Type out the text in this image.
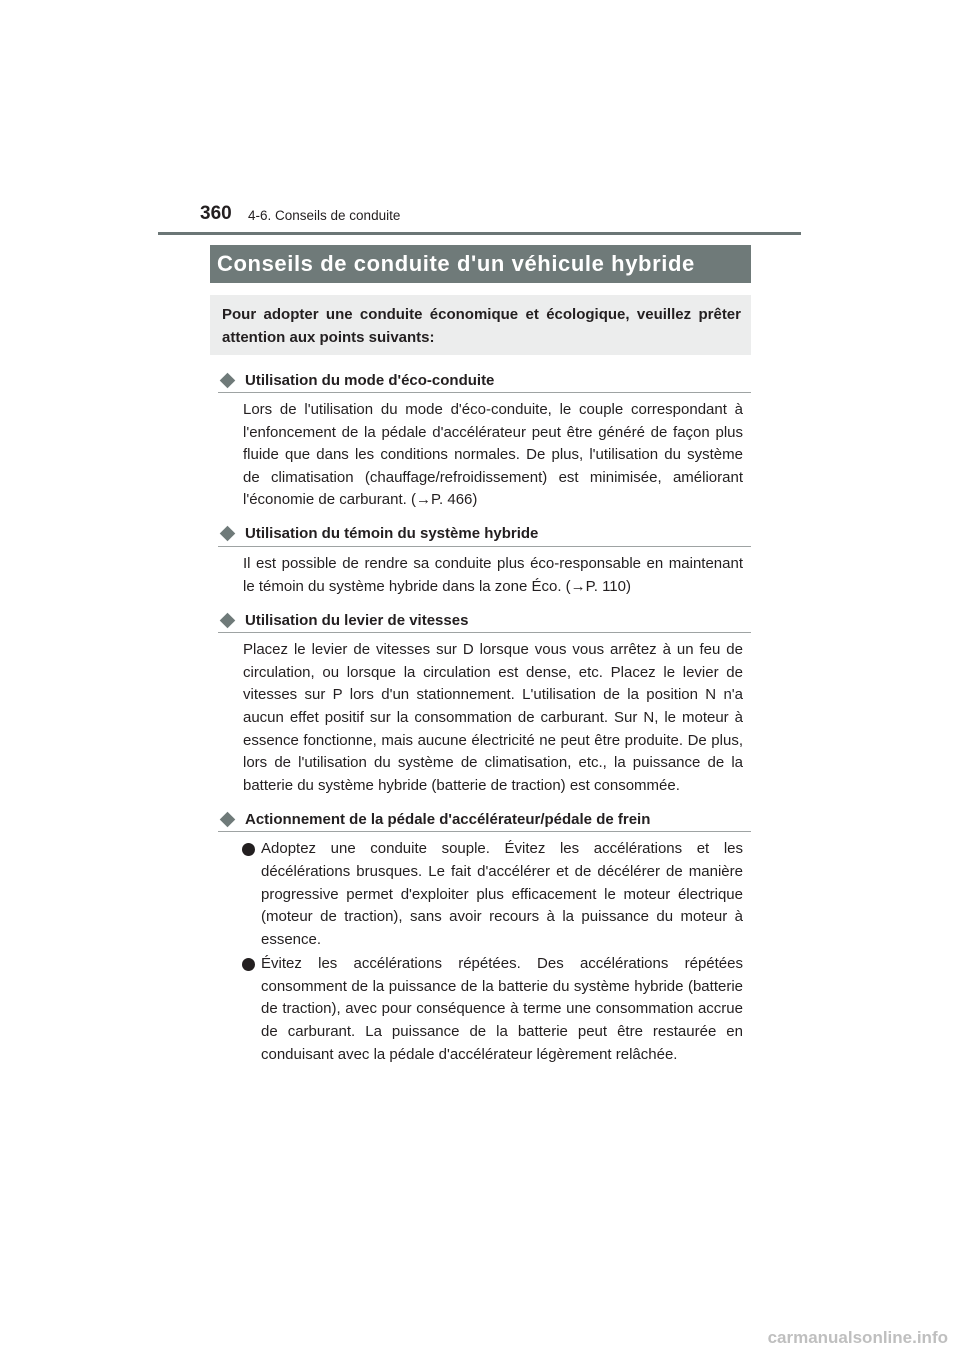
360 4-6. Conseils de conduite
Conseils de conduite d'un véhicule hybride
Pour adopter une conduite économique et écologique, veuillez prêter attention aux points suivants:
Utilisation du mode d'éco-conduite
Lors de l'utilisation du mode d'éco-conduite, le couple correspondant à l'enfoncement de la pédale d'accélérateur peut être généré de façon plus fluide que dans les conditions normales. De plus, l'utilisation du système de climatisation (chauffage/refroidissement) est minimisée, améliorant l'économie de carburant. (→P. 466)
Utilisation du témoin du système hybride
Il est possible de rendre sa conduite plus éco-responsable en maintenant le témoin du système hybride dans la zone Éco. (→P. 110)
Utilisation du levier de vitesses
Placez le levier de vitesses sur D lorsque vous vous arrêtez à un feu de circulation, ou lorsque la circulation est dense, etc. Placez le levier de vitesses sur P lors d'un stationnement. L'utilisation de la position N n'a aucun effet positif sur la consommation de carburant. Sur N, le moteur à essence fonctionne, mais aucune électricité ne peut être produite. De plus, lors de l'utilisation du système de climatisation, etc., la puissance de la batterie du système hybride (batterie de traction) est consommée.
Actionnement de la pédale d'accélérateur/pédale de frein
Adoptez une conduite souple. Évitez les accélérations et les décélérations brusques. Le fait d'accélérer et de décélérer de manière progressive permet d'exploiter plus efficacement le moteur électrique (moteur de traction), sans avoir recours à la puissance du moteur à essence.
Évitez les accélérations répétées. Des accélérations répétées consomment de la puissance de la batterie du système hybride (batterie de traction), avec pour conséquence à terme une consommation accrue de carburant. La puissance de la batterie peut être restaurée en conduisant avec la pédale d'accélérateur légèrement relâchée.
carmanualsonline.info
